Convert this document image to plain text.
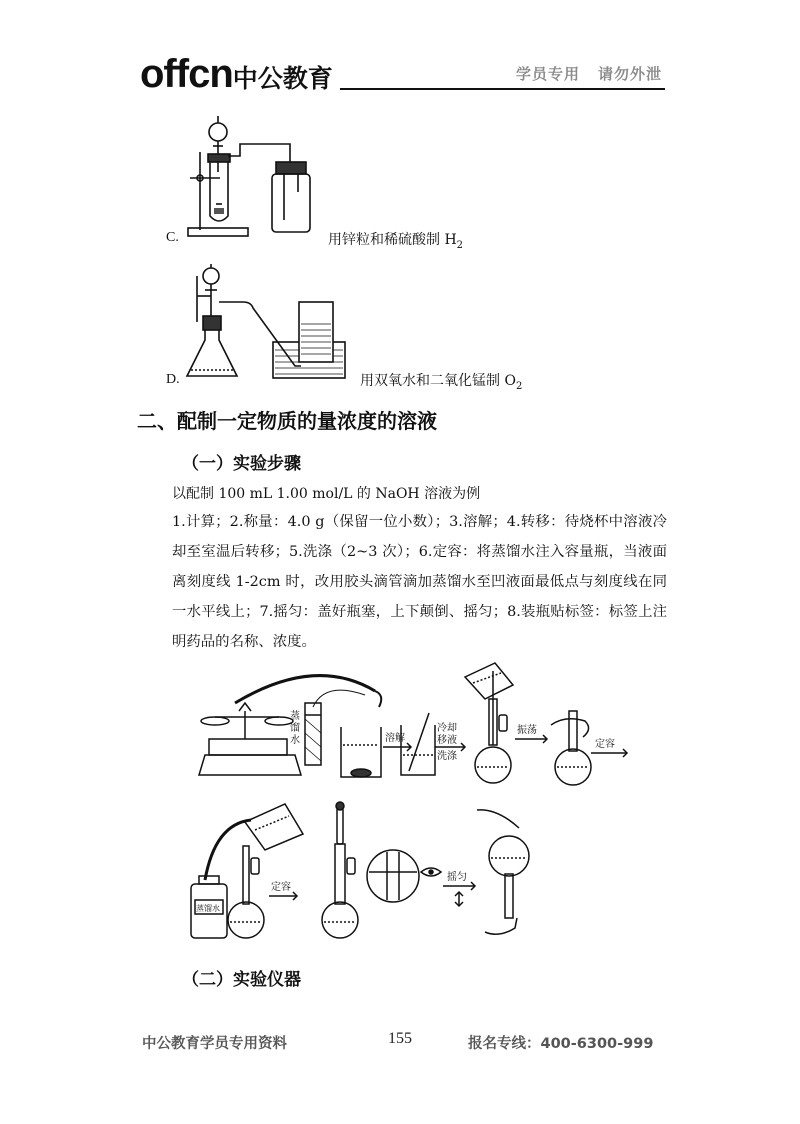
offcn中公教育	学员专用 请勿外泄
C.	用锌粒和稀硫酸制 $H_2$
D.	用双氧水和二氧化锰制 $O_2$
二、配制一定物质的量浓度的溶液
（一）实验步骤
以配制 100 mL 1.00 mol/L 的 NaOH 溶液为例

1.计算；2.称量：4.0 g（保留一位小数）；3.溶解；4.转移：待烧杯中溶液冷却至室温后转移；5.洗涤（2~3 次）；6.定容：将蒸馏水注入容量瓶，当液面离刻度线 1-2cm 时，改用胶头滴管滴加蒸馏水至凹液面最低点与刻度线在同一水平线上；7.摇匀：盖好瓶塞，上下颠倒、摇匀；8.装瓶贴标签：标签上注明药品的名称、浓度。

蒸
馏
水	溶解
冷却
移液
洗涤
振荡
定容
定容
蒸馏水
摇匀
（二）实验仪器
中公教育学员专用资料	155	报名专线：400-6300-999
